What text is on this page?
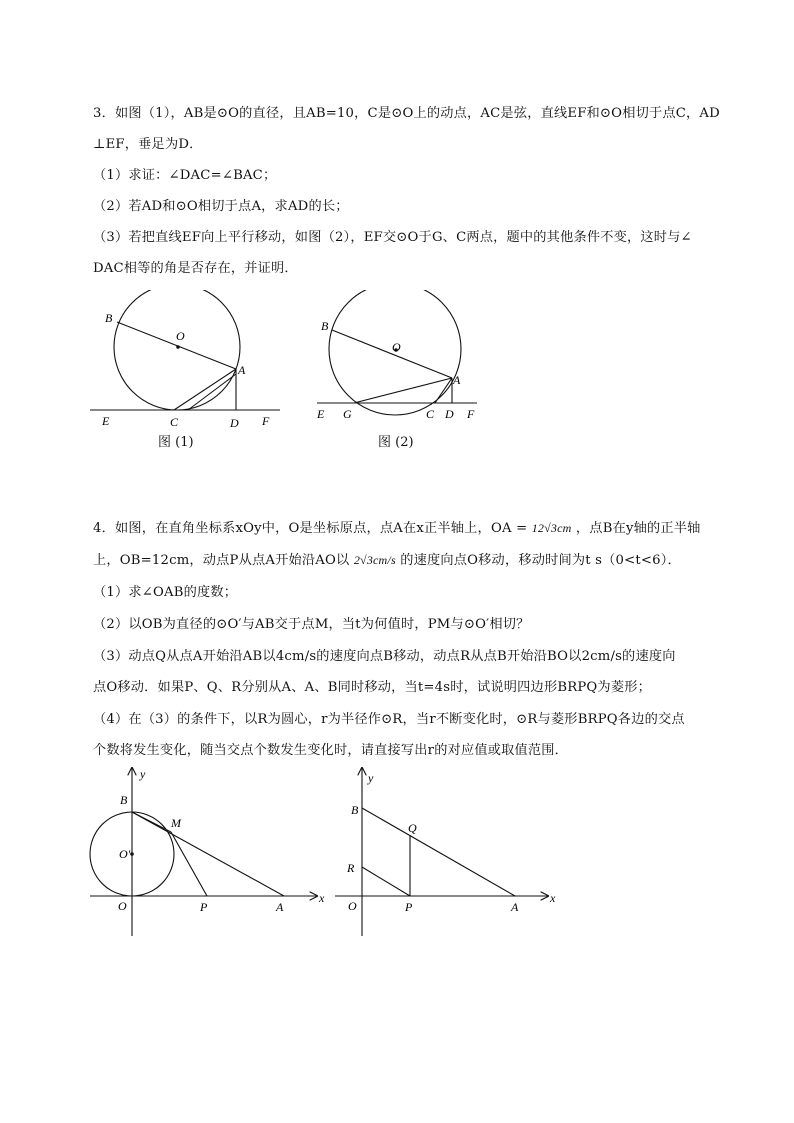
3．如图（1），AB是⊙O的直径，且AB=10，C是⊙O上的动点，AC是弦，直线EF和⊙O相切于点C，AD
⊥EF，垂足为D．
（1）求证：∠DAC=∠BAC；
（2）若AD和⊙O相切于点A，求AD的长；
（3）若把直线EF向上平行移动，如图（2），EF交⊙O于G、C两点，题中的其他条件不变，这时与∠
DAC相等的角是否存在，并证明．
B
O
A
E	C	D F
图 (1)
B
O
A
E G	C D F
图 (2)
4．如图，在直角坐标系xOy中，O是坐标原点，点A在x正半轴上，OA = 12√3cm ，点B在y轴的正半轴
上，OB=12cm，动点P从点A开始沿AO以 2√3cm/s 的速度向点O移动，移动时间为t s（0<t<6）．
（1）求∠OAB的度数；
（2）以OB为直径的⊙O′与AB交于点M，当t为何值时，PM与⊙O′相切？
（3）动点Q从点A开始沿AB以4cm/s的速度向点B移动，动点R从点B开始沿BO以2cm/s的速度向
点O移动．如果P、Q、R分别从A、A、B同时移动，当t=4s时，试说明四边形BRPQ为菱形；
（4）在（3）的条件下，以R为圆心，r为半径作⊙R，当r不断变化时，⊙R与菱形BRPQ各边的交点
个数将发生变化，随当交点个数发生变化时，请直接写出r的对应值或取值范围．
y
B
M
O′
O	P	A
x
y
B
Q
R
O	P	A
x
